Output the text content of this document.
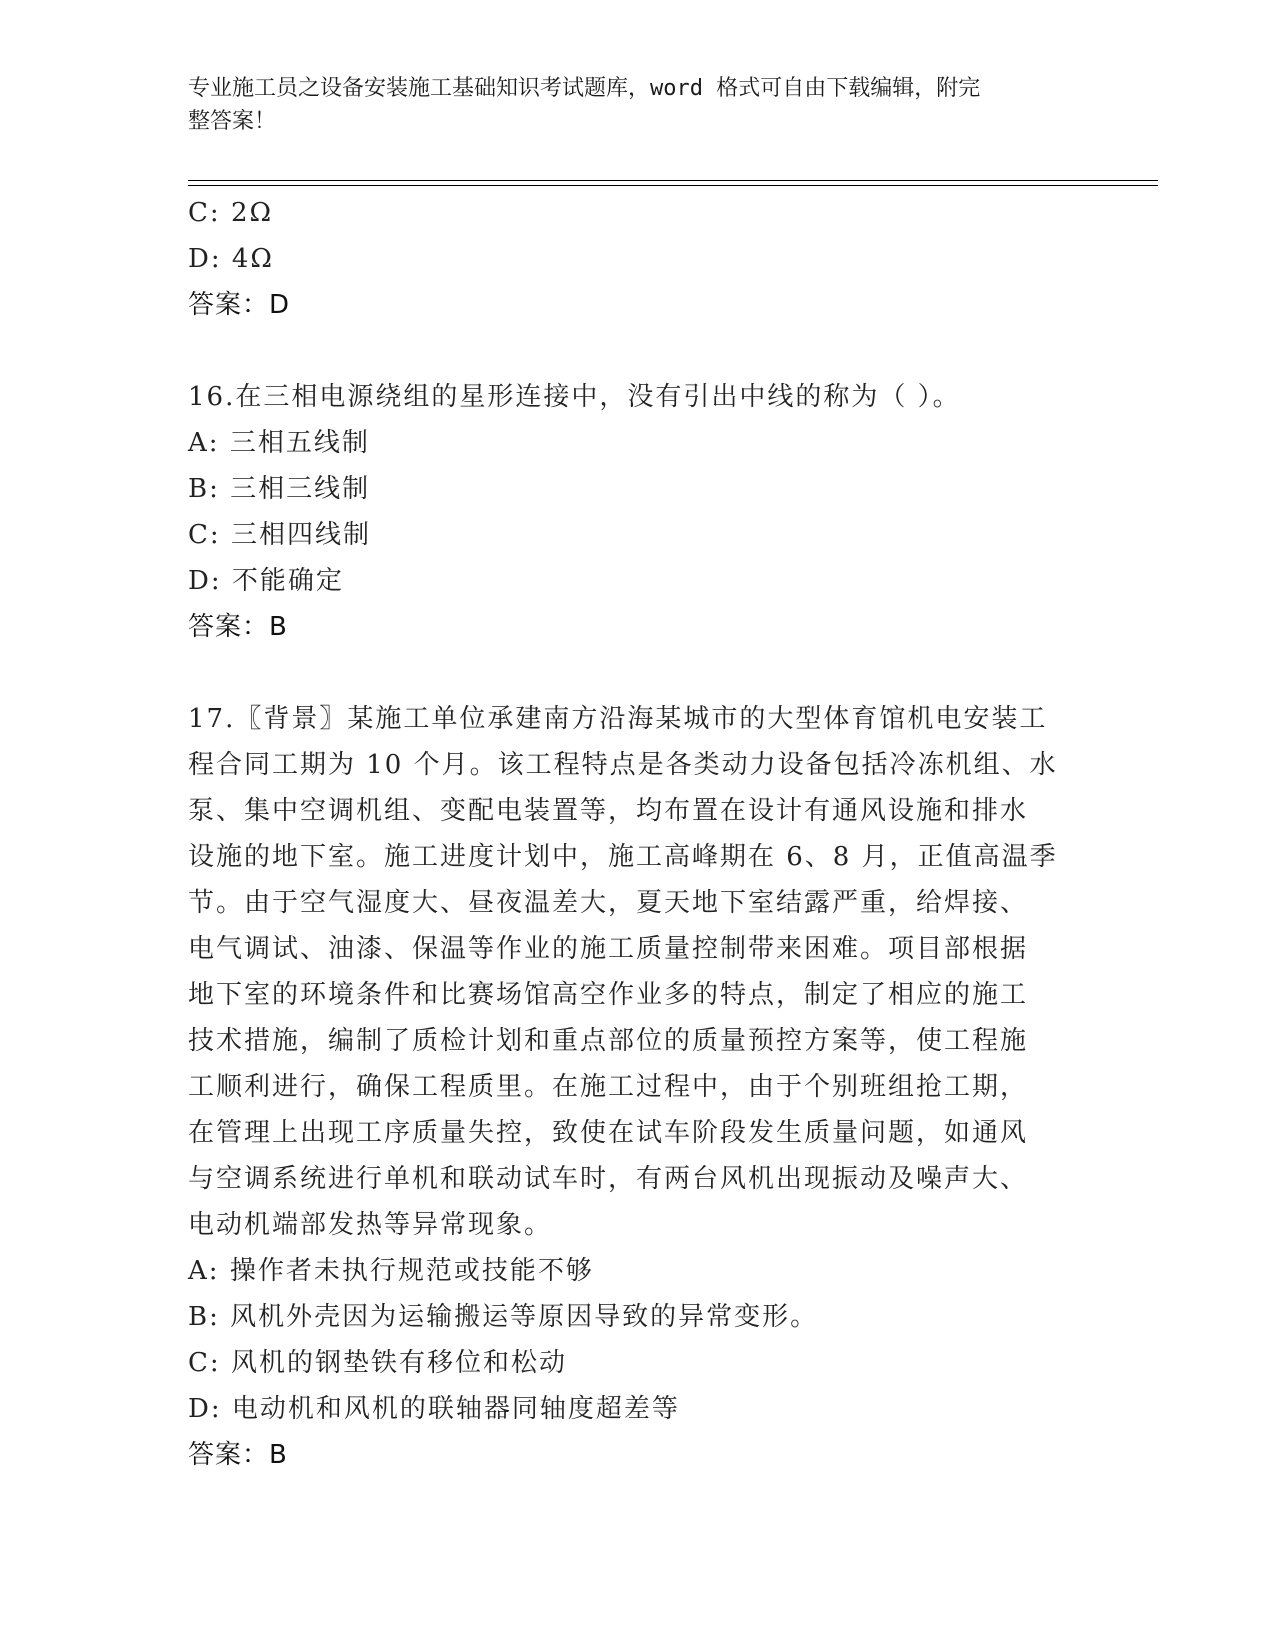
专业施工员之设备安装施工基础知识考试题库，word 格式可自由下载编辑，附完
整答案！
C: 2Ω
D: 4Ω
答案：D
16.在三相电源绕组的星形连接中，没有引出中线的称为（ ）。
A: 三相五线制
B: 三相三线制
C: 三相四线制
D: 不能确定
答案：B
17.〖背景〗某施工单位承建南方沿海某城市的大型体育馆机电安装工
程合同工期为 10 个月。该工程特点是各类动力设备包括冷冻机组、水
泵、集中空调机组、变配电装置等，均布置在设计有通风设施和排水
设施的地下室。施工进度计划中，施工高峰期在 6、8 月，正值高温季
节。由于空气湿度大、昼夜温差大，夏天地下室结露严重，给焊接、
电气调试、油漆、保温等作业的施工质量控制带来困难。项目部根据
地下室的环境条件和比赛场馆高空作业多的特点，制定了相应的施工
技术措施，编制了质检计划和重点部位的质量预控方案等，使工程施
工顺利进行，确保工程质里。在施工过程中，由于个别班组抢工期，
在管理上出现工序质量失控，致使在试车阶段发生质量问题，如通风
与空调系统进行单机和联动试车时，有两台风机出现振动及噪声大、
电动机端部发热等异常现象。
A: 操作者未执行规范或技能不够
B: 风机外壳因为运输搬运等原因导致的异常变形。
C: 风机的钢垫铁有移位和松动
D: 电动机和风机的联轴器同轴度超差等
答案：B
